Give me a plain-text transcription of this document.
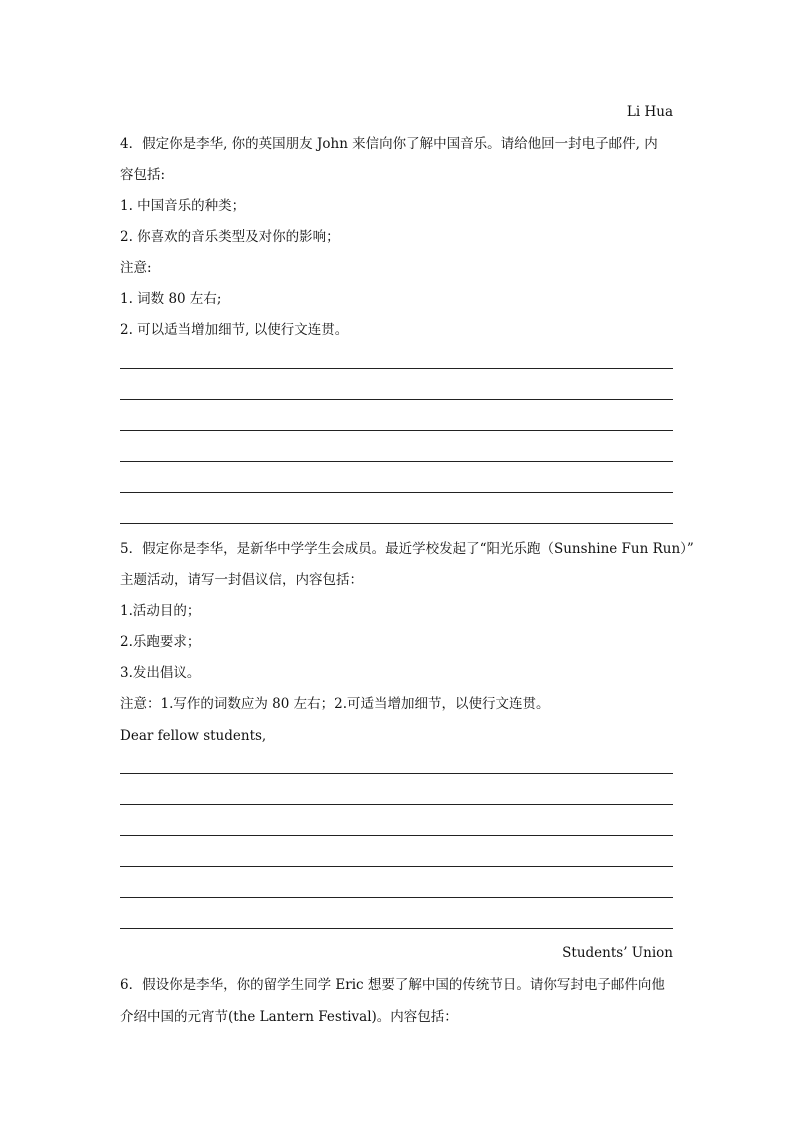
Li Hua
4．假定你是李华, 你的英国朋友 John 来信向你了解中国音乐。请给他回一封电子邮件, 内
容包括:
1. 中国音乐的种类；
2. 你喜欢的音乐类型及对你的影响；
注意:
1. 词数 80 左右;
2. 可以适当增加细节, 以使行文连贯。
5．假定你是李华，是新华中学学生会成员。最近学校发起了“阳光乐跑（Sunshine Fun Run）”
主题活动，请写一封倡议信，内容包括：
1.活动目的；
2.乐跑要求；
3.发出倡议。
注意：1.写作的词数应为 80 左右；2.可适当增加细节，以使行文连贯。
Dear fellow students,
Students’ Union
6．假设你是李华，你的留学生同学 Eric 想要了解中国的传统节日。请你写封电子邮件向他
介绍中国的元宵节(the Lantern Festival)。内容包括：
